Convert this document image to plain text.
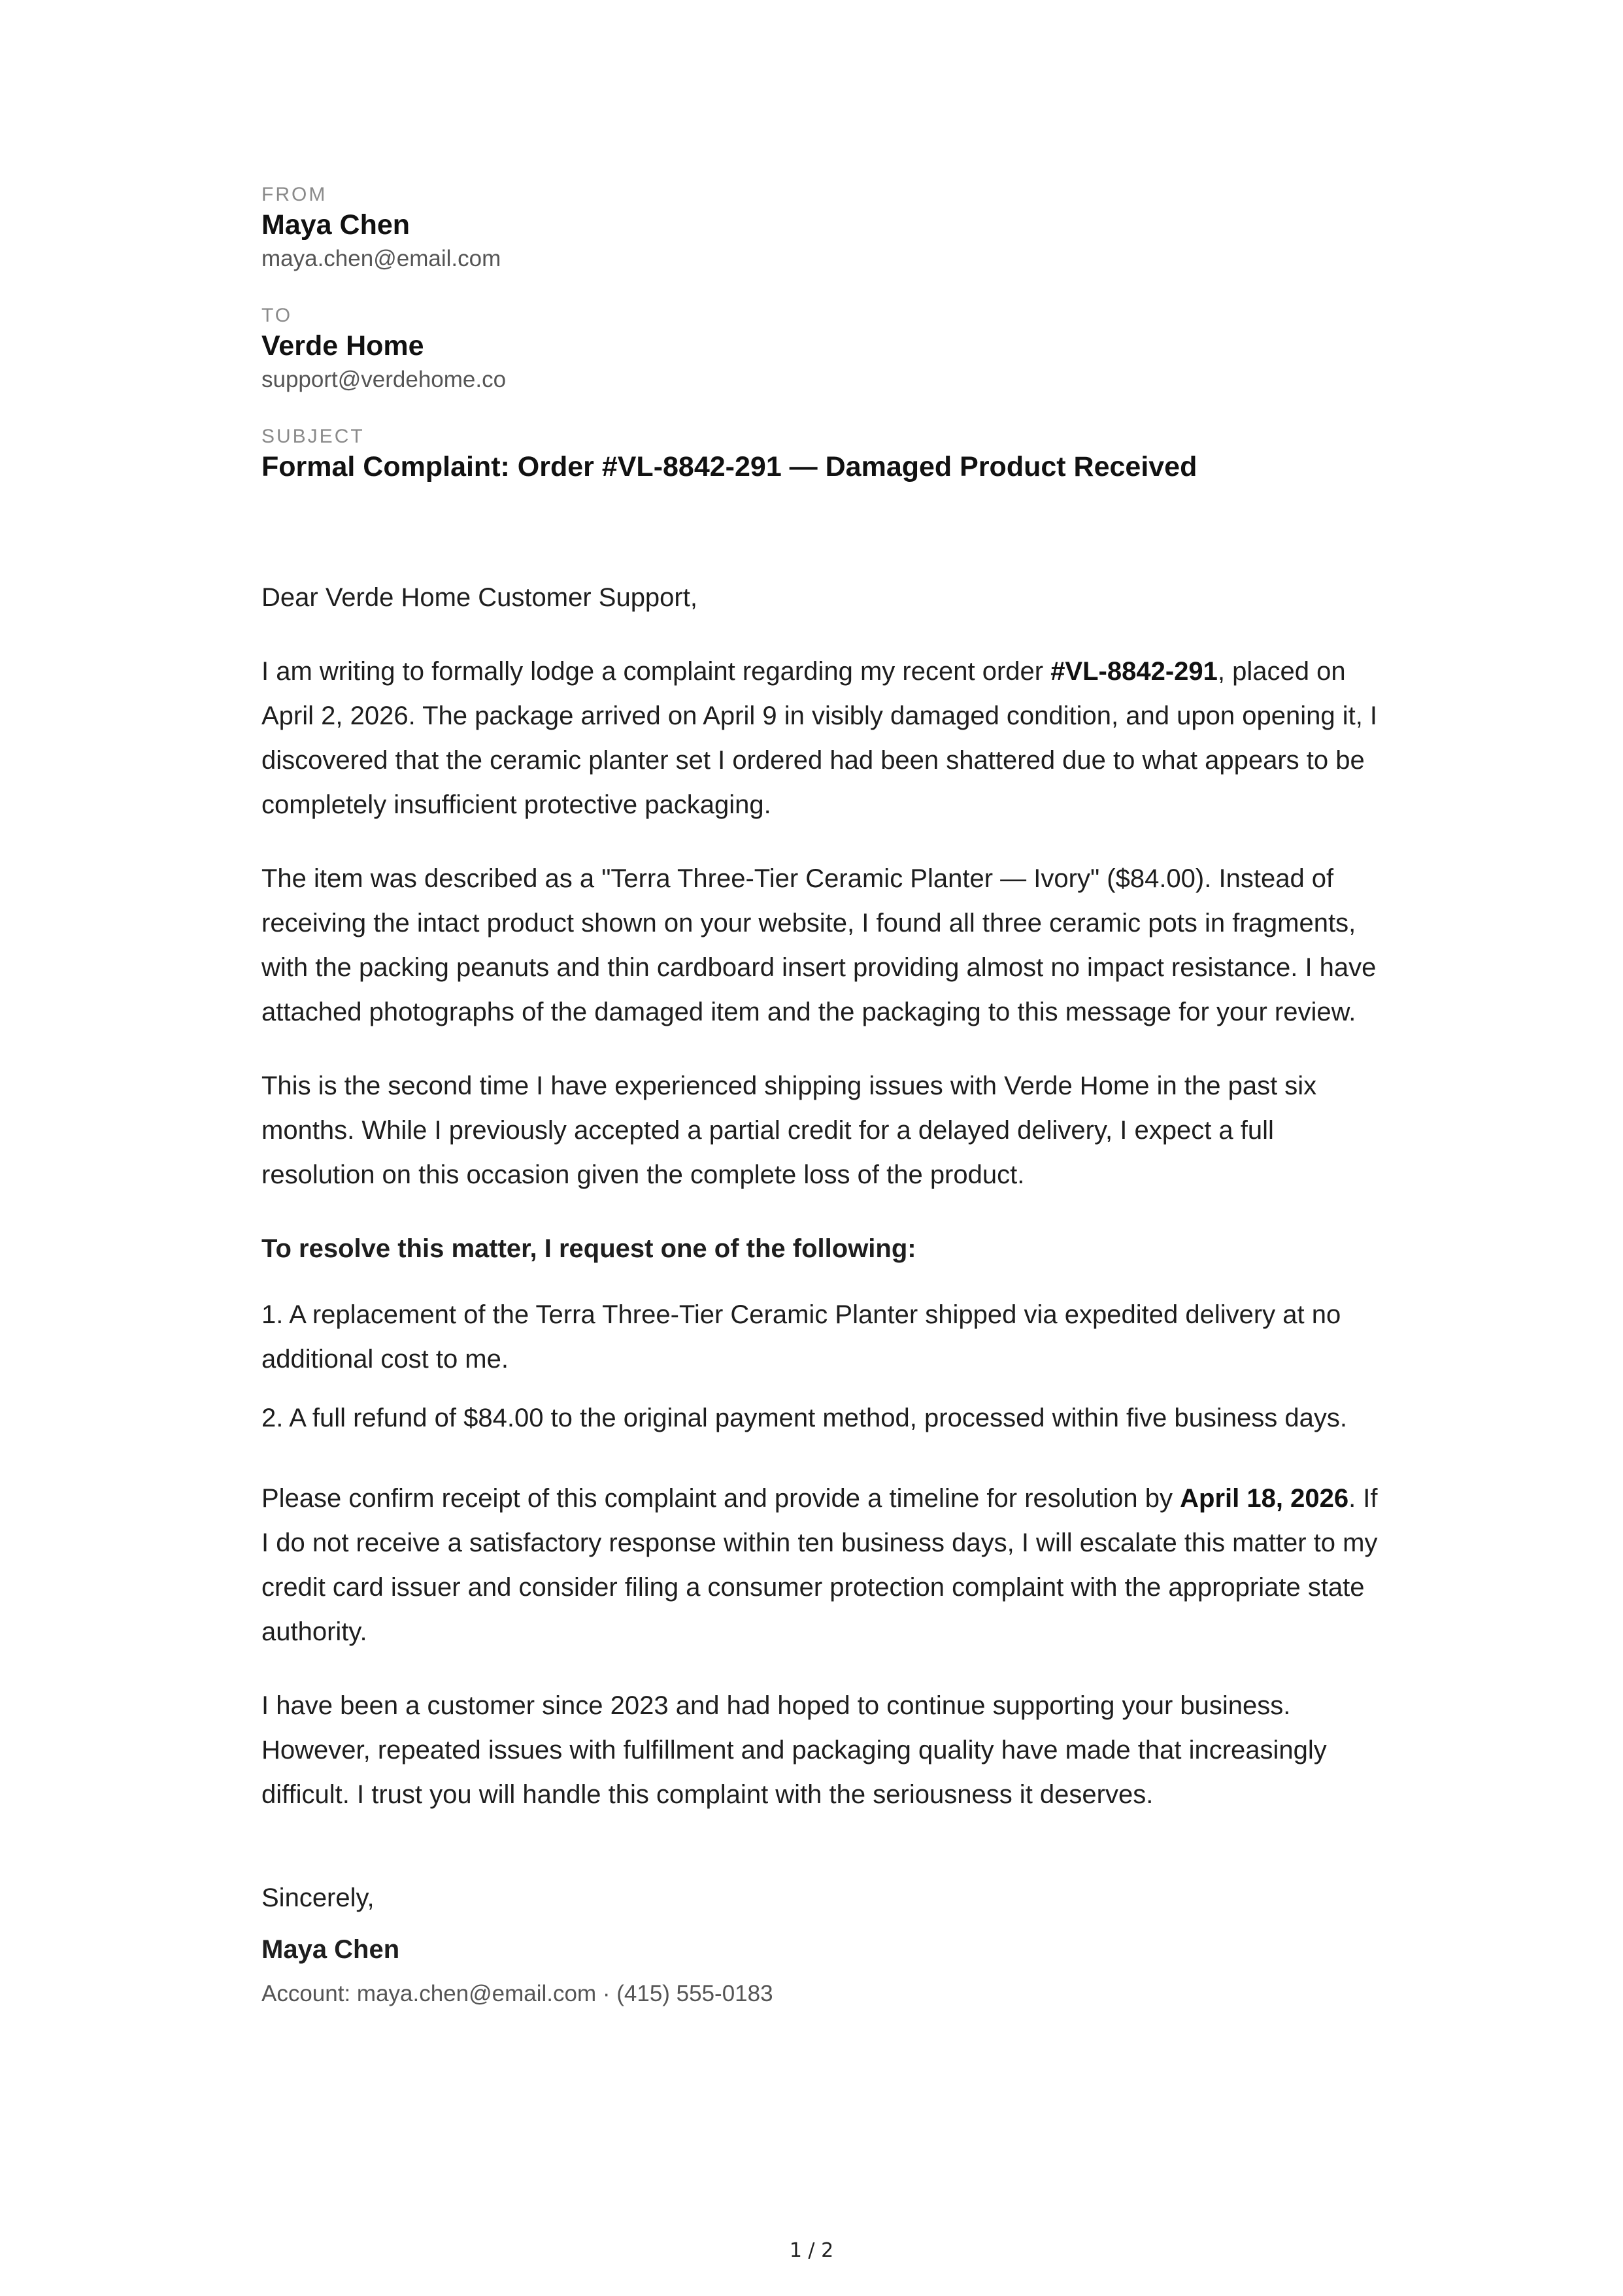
FROM
Maya Chen
maya.chen@email.com
TO
Verde Home
support@verdehome.co
SUBJECT
Formal Complaint: Order #VL-8842-291 — Damaged Product Received

Dear Verde Home Customer Support,

I am writing to formally lodge a complaint regarding my recent order #VL-8842-291, placed on April 2, 2026. The package arrived on April 9 in visibly damaged condition, and upon opening it, I discovered that the ceramic planter set I ordered had been shattered due to what appears to be completely insufficient protective packaging.

The item was described as a "Terra Three-Tier Ceramic Planter — Ivory" ($84.00). Instead of receiving the intact product shown on your website, I found all three ceramic pots in fragments, with the packing peanuts and thin cardboard insert providing almost no impact resistance. I have attached photographs of the damaged item and the packaging to this message for your review.

This is the second time I have experienced shipping issues with Verde Home in the past six months. While I previously accepted a partial credit for a delayed delivery, I expect a full resolution on this occasion given the complete loss of the product.

To resolve this matter, I request one of the following:

1. A replacement of the Terra Three-Tier Ceramic Planter shipped via expedited delivery at no additional cost to me.

2. A full refund of $84.00 to the original payment method, processed within five business days.

Please confirm receipt of this complaint and provide a timeline for resolution by April 18, 2026. If I do not receive a satisfactory response within ten business days, I will escalate this matter to my credit card issuer and consider filing a consumer protection complaint with the appropriate state authority.

I have been a customer since 2023 and had hoped to continue supporting your business. However, repeated issues with fulfillment and packaging quality have made that increasingly difficult. I trust you will handle this complaint with the seriousness it deserves.

Sincerely,

Maya Chen

Account: maya.chen@email.com · (415) 555-0183

1 / 2
